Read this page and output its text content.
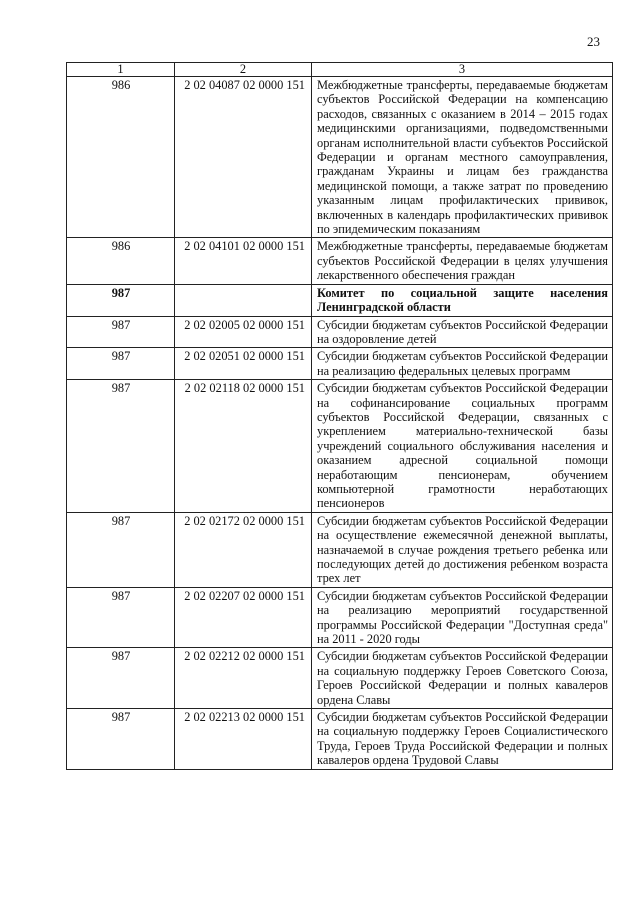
23
1	2	3
986	2 02 04087 02 0000 151	Межбюджетные трансферты, передаваемые бюджетам субъектов Российской Федерации на компенсацию расходов, связанных с оказанием в 2014 – 2015 годах медицинскими организациями, подведомственными органам исполнительной власти субъектов Российской Федерации и органам местного самоуправления, гражданам Украины и лицам без гражданства медицинской помощи, а также затрат по проведению указанным лицам профилактических прививок, включенных в календарь профилактических прививок по эпидемическим показаниям
986	2 02 04101 02 0000 151	Межбюджетные трансферты, передаваемые бюджетам субъектов Российской Федерации в целях улучшения лекарственного обеспечения граждан
987		Комитет по социальной защите населения Ленинградской области
987	2 02 02005 02 0000 151	Субсидии бюджетам субъектов Российской Федерации на оздоровление детей
987	2 02 02051 02 0000 151	Субсидии бюджетам субъектов Российской Федерации на реализацию федеральных целевых программ
987	2 02 02118 02 0000 151	Субсидии бюджетам субъектов Российской Федерации на софинансирование социальных программ субъектов Российской Федерации, связанных с укреплением материально-технической базы учреждений социального обслуживания населения и оказанием адресной социальной помощи неработающим пенсионерам, обучением компьютерной грамотности неработающих пенсионеров
987	2 02 02172 02 0000 151	Субсидии бюджетам субъектов Российской Федерации на осуществление ежемесячной денежной выплаты, назначаемой в случае рождения третьего ребенка или последующих детей до достижения ребенком возраста трех лет
987	2 02 02207 02 0000 151	Субсидии бюджетам субъектов Российской Федерации на реализацию мероприятий государственной программы Российской Федерации "Доступная среда" на 2011 - 2020 годы
987	2 02 02212 02 0000 151	Субсидии бюджетам субъектов Российской Федерации на социальную поддержку Героев Советского Союза, Героев Российской Федерации и полных кавалеров ордена Славы
987	2 02 02213 02 0000 151	Субсидии бюджетам субъектов Российской Федерации на социальную поддержку Героев Социалистического Труда, Героев Труда Российской Федерации и полных кавалеров ордена Трудовой Славы
